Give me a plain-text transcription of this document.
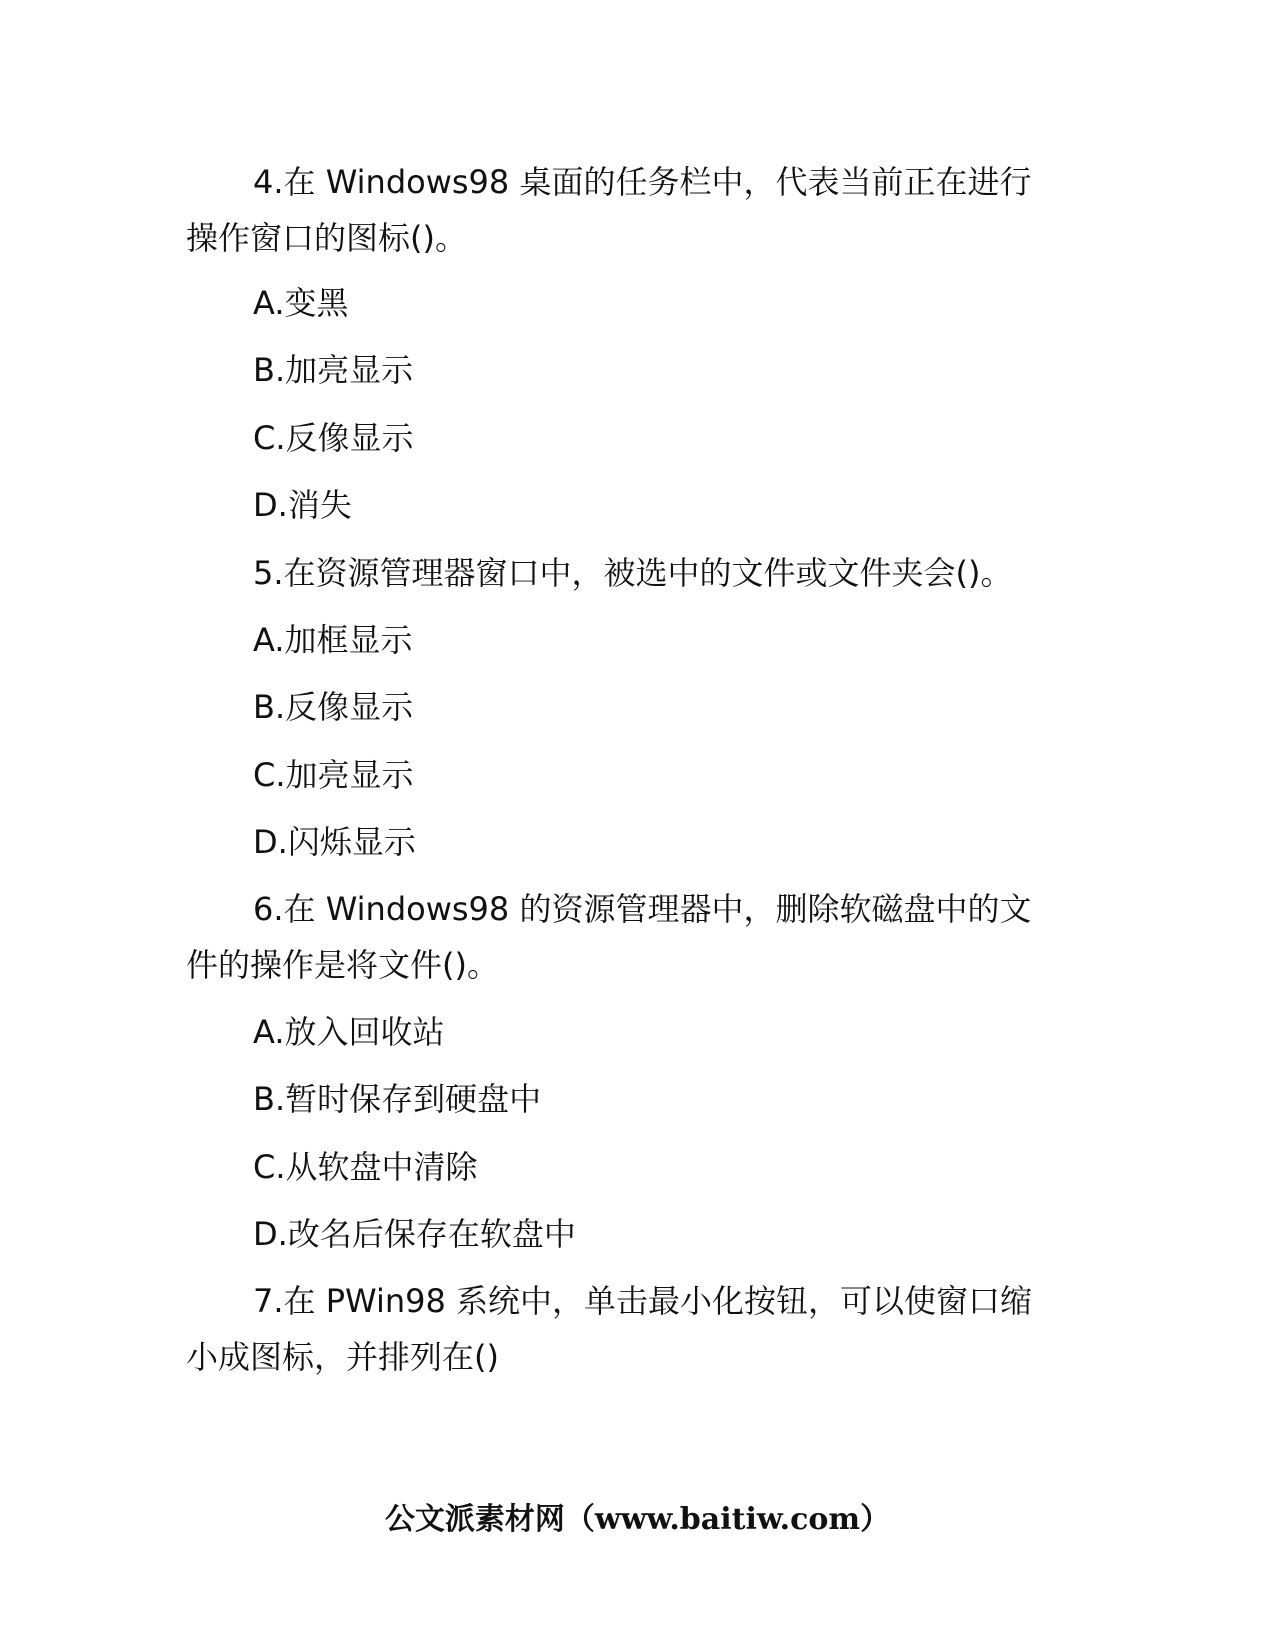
4.在 Windows98 桌面的任务栏中，代表当前正在进行
操作窗口的图标()。
A.变黑
B.加亮显示
C.反像显示
D.消失
5.在资源管理器窗口中，被选中的文件或文件夹会()。
A.加框显示
B.反像显示
C.加亮显示
D.闪烁显示
6.在 Windows98 的资源管理器中，删除软磁盘中的文
件的操作是将文件()。
A.放入回收站
B.暂时保存到硬盘中
C.从软盘中清除
D.改名后保存在软盘中
7.在 PWin98 系统中，单击最小化按钮，可以使窗口缩
小成图标，并排列在()
公文派素材网（www.baitiw.com）
